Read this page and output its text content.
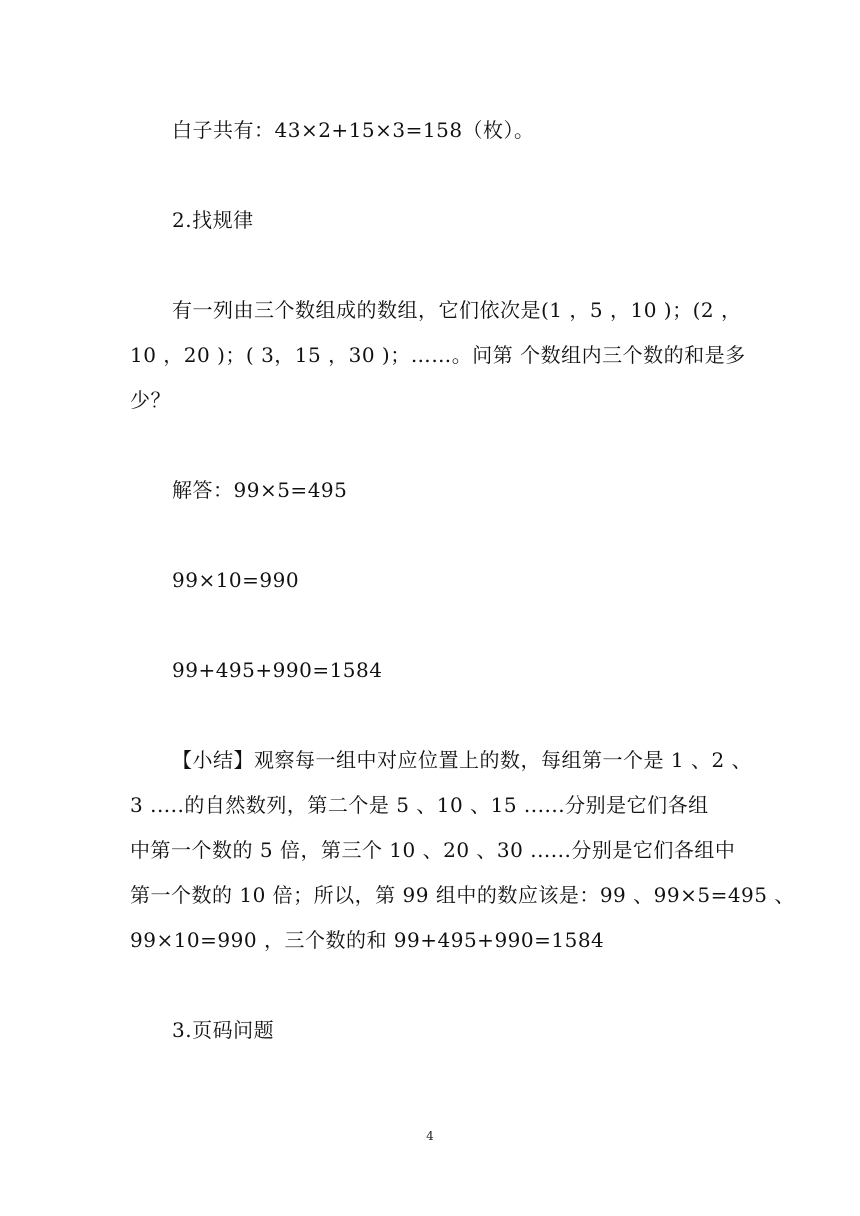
白子共有：43×2+15×3=158（枚）。
2.找规律
有一列由三个数组成的数组，它们依次是(1 ，5 ，10 )；(2 ，
10 ，20 )；( 3，15 ，30 )；……。问第 个数组内三个数的和是多
少？
解答：99×5=495
99×10=990
99+495+990=1584
【小结】观察每一组中对应位置上的数，每组第一个是 1 、2 、
3 .....的自然数列，第二个是 5 、10 、15 ......分别是它们各组
中第一个数的 5 倍，第三个 10 、20 、30 ......分别是它们各组中
第一个数的 10 倍；所以，第 99 组中的数应该是：99 、99×5=495 、
99×10=990 ，三个数的和 99+495+990=1584
3.页码问题
4
